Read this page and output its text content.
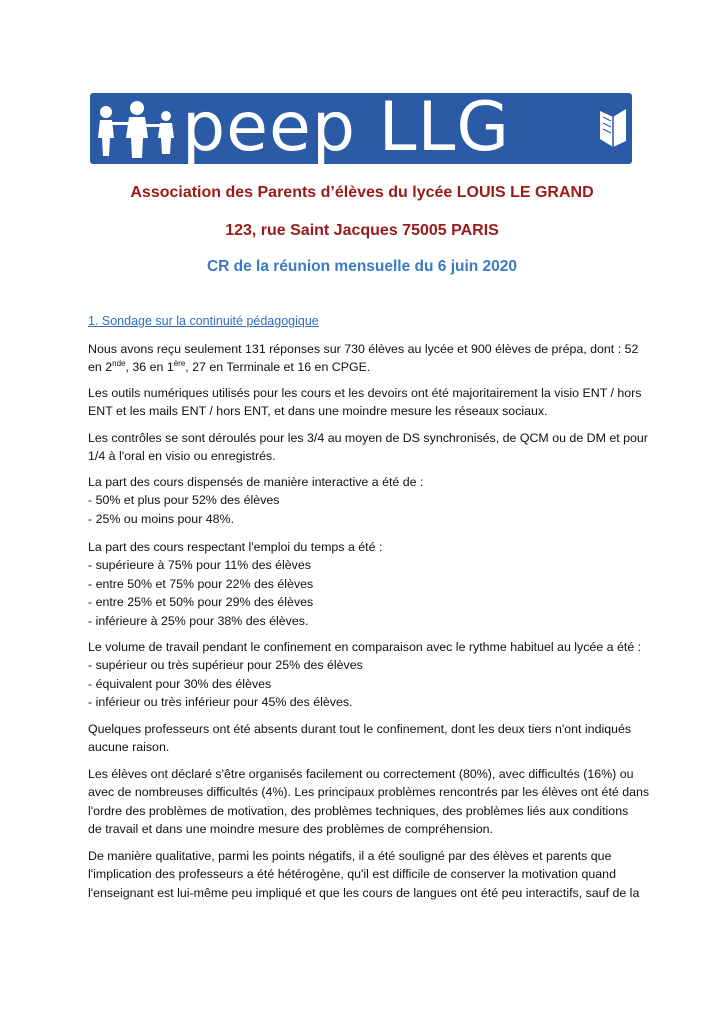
peep LLG
Association des Parents d’élèves du lycée LOUIS LE GRAND
123, rue Saint Jacques 75005 PARIS
CR de la réunion mensuelle du 6 juin 2020
1. Sondage sur la continuité pédagogique

Nous avons reçu seulement 131 réponses sur 730 élèves au lycée et 900 élèves de prépa, dont : 52

en 2nde, 36 en 1ère, 27 en Terminale et 16 en CPGE.

Les outils numériques utilisés pour les cours et les devoirs ont été majoritairement la visio ENT / hors

ENT et les mails ENT / hors ENT, et dans une moindre mesure les réseaux sociaux.

Les contrôles se sont déroulés pour les 3/4 au moyen de DS synchronisés, de QCM ou de DM et pour

1/4 à l'oral en visio ou enregistrés.

La part des cours dispensés de manière interactive a été de :

- 50% et plus pour 52% des élèves

- 25% ou moins pour 48%.

La part des cours respectant l'emploi du temps a été :

- supérieure à 75% pour 11% des élèves

- entre 50% et 75% pour 22% des élèves

- entre 25% et 50% pour 29% des élèves

- inférieure à 25% pour 38% des élèves.

Le volume de travail pendant le confinement en comparaison avec le rythme habituel au lycée a été :

- supérieur ou très supérieur pour 25% des élèves

- équivalent pour 30% des élèves

- inférieur ou très inférieur pour 45% des élèves.

Quelques professeurs ont été absents durant tout le confinement, dont les deux tiers n'ont indiqués

aucune raison.

Les élèves ont déclaré s'être organisés facilement ou correctement (80%), avec difficultés (16%) ou

avec de nombreuses difficultés (4%). Les principaux problèmes rencontrés par les élèves ont été dans

l'ordre des problèmes de motivation, des problèmes techniques, des problèmes liés aux conditions

de travail et dans une moindre mesure des problèmes de compréhension.

De manière qualitative, parmi les points négatifs, il a été souligné par des élèves et parents que

l'implication des professeurs a été hétérogène, qu'il est difficile de conserver la motivation quand

l'enseignant est lui-même peu impliqué et que les cours de langues ont été peu interactifs, sauf de la
